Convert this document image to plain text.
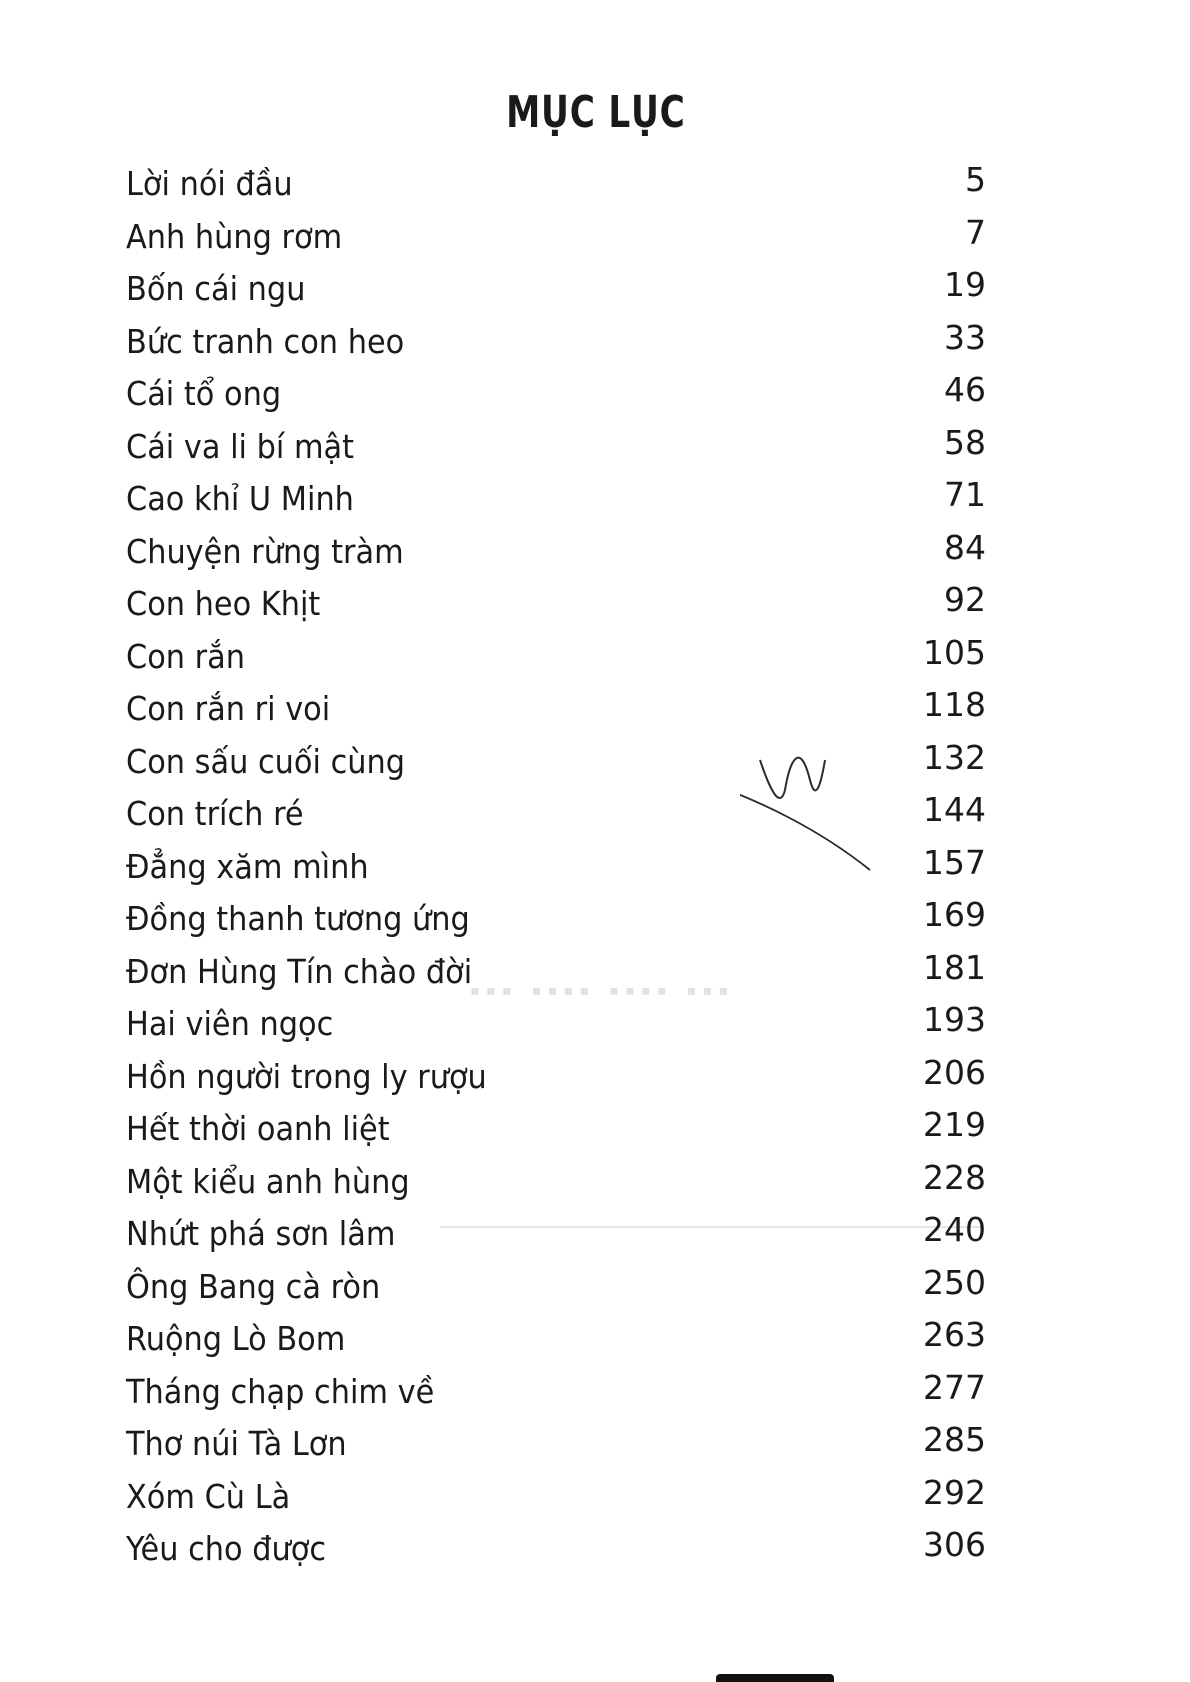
▪▪▪ ▪▪▪▪ ▪▪▪▪ ▪▪▪
MỤC LỤC
Lời nói đầu	5
Anh hùng rơm	7
Bốn cái ngu	19
Bức tranh con heo	33
Cái tổ ong	46
Cái va li bí mật	58
Cao khỉ U Minh	71
Chuyện rừng tràm	84
Con heo Khịt	92
Con rắn	105
Con rắn ri voi	118
Con sấu cuối cùng	132
Con trích ré	144
Đẳng xăm mình	157
Đồng thanh tương ứng	169
Đơn Hùng Tín chào đời	181
Hai viên ngọc	193
Hồn người trong ly rượu	206
Hết thời oanh liệt	219
Một kiểu anh hùng	228
Nhứt phá sơn lâm	240
Ông Bang cà ròn	250
Ruộng Lò Bom	263
Tháng chạp chim về	277
Thơ núi Tà Lơn	285
Xóm Cù Là	292
Yêu cho được	306
